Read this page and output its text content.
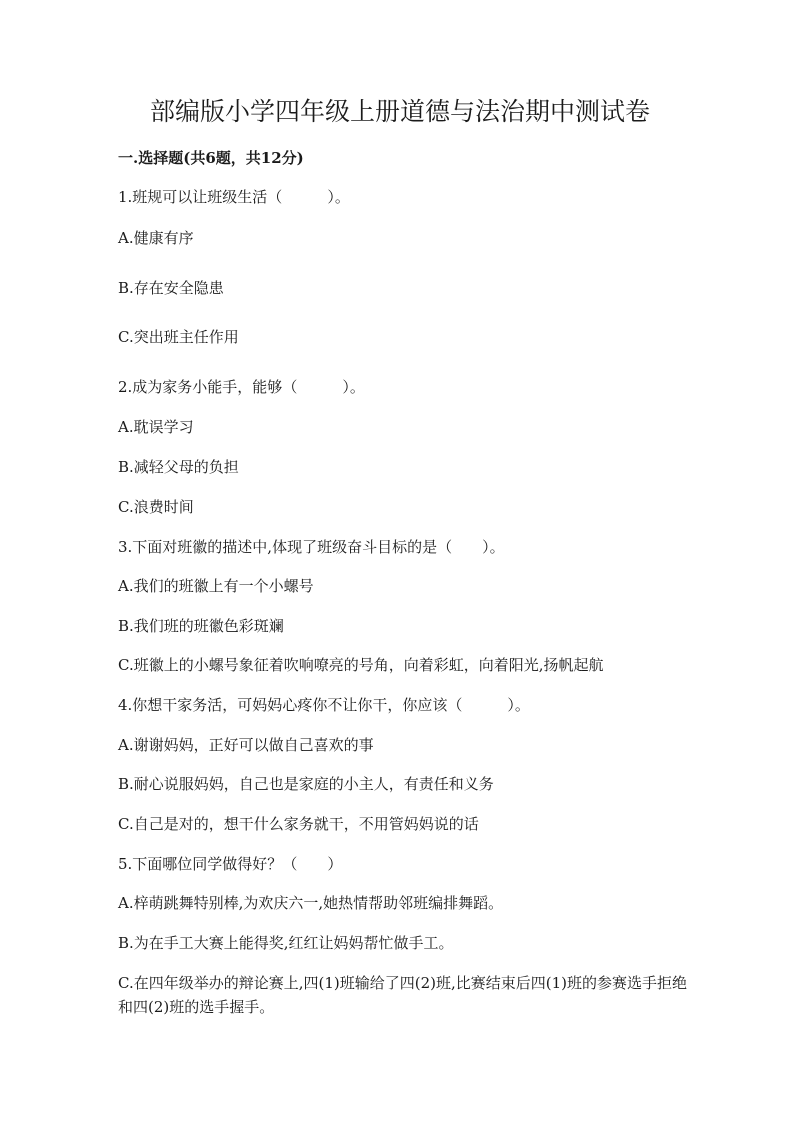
部编版小学四年级上册道德与法治期中测试卷
一.选择题(共6题，共12分)
1.班规可以让班级生活（　　　）。
A.健康有序
B.存在安全隐患
C.突出班主任作用
2.成为家务小能手，能够（　　　）。
A.耽误学习
B.减轻父母的负担
C.浪费时间
3.下面对班徽的描述中,体现了班级奋斗目标的是（　　）。
A.我们的班徽上有一个小螺号
B.我们班的班徽色彩斑斓
C.班徽上的小螺号象征着吹响嘹亮的号角，向着彩虹，向着阳光,扬帆起航
4.你想干家务活，可妈妈心疼你不让你干，你应该（　　　）。
A.谢谢妈妈，正好可以做自己喜欢的事
B.耐心说服妈妈，自己也是家庭的小主人，有责任和义务
C.自己是对的，想干什么家务就干，不用管妈妈说的话
5.下面哪位同学做得好？（　　）
A.梓萌跳舞特别棒,为欢庆六一,她热情帮助邻班编排舞蹈。
B.为在手工大赛上能得奖,红红让妈妈帮忙做手工。
C.在四年级举办的辩论赛上,四(1)班输给了四(2)班,比赛结束后四(1)班的参赛选手拒绝和四(2)班的选手握手。
